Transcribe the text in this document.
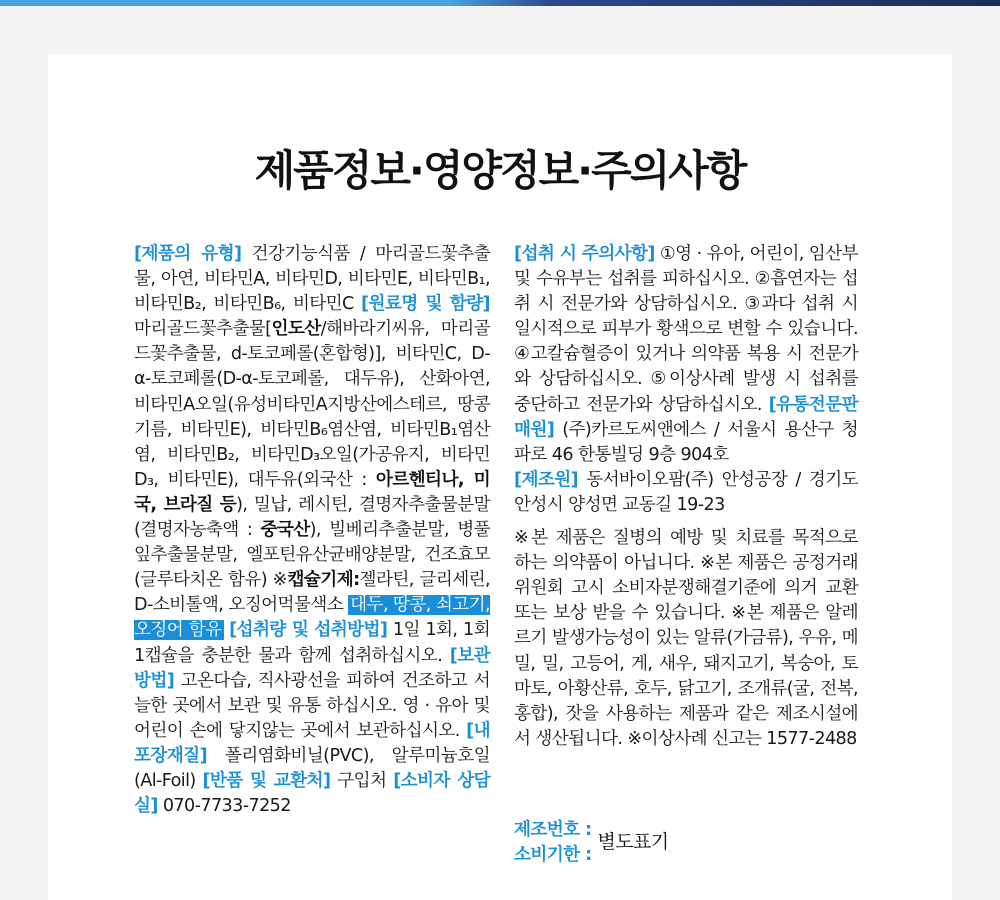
제품정보·영양정보·주의사항
[제품의 유형] 건강기능식품 / 마리골드꽃추출물, 아연, 비타민A, 비타민D, 비타민E, 비타민B₁, 비타민B₂, 비타민B₆, 비타민C [원료명 및 함량] 마리골드꽃추출물[인도산/해바라기씨유, 마리골드꽃추출물, d-토코페롤(혼합형)], 비타민C, D-α-토코페롤(D-α-토코페롤, 대두유), 산화아연, 비타민A오일(유성비타민A지방산에스테르, 땅콩기름, 비타민E), 비타민B₆염산염, 비타민B₁염산염, 비타민B₂, 비타민D₃오일(가공유지, 비타민D₃, 비타민E), 대두유(외국산 : 아르헨티나, 미국, 브라질 등), 밀납, 레시틴, 결명자추출물분말(결명자농축액 : 중국산), 빌베리추출분말, 병풀잎추출물분말, 엘포틴유산균배양분말, 건조효모(글루타치온 함유) ※캡슐기제:젤라틴, 글리세린, D-소비톨액, 오징어먹물색소 대두, 땅콩, 쇠고기, 오징어 함유 [섭취량 및 섭취방법] 1일 1회, 1회 1캡슐을 충분한 물과 함께 섭취하십시오. [보관방법] 고온다습, 직사광선을 피하여 건조하고 서늘한 곳에서 보관 및 유통 하십시오. 영 · 유아 및 어린이 손에 닿지않는 곳에서 보관하십시오. [내포장재질] 폴리염화비닐(PVC), 알루미늄호일(Al-Foil) [반품 및 교환처] 구입처 [소비자 상담실] 070-7733-7252
[섭취 시 주의사항] ①영 · 유아, 어린이, 임산부 및 수유부는 섭취를 피하십시오. ②흡연자는 섭취 시 전문가와 상담하십시오. ③과다 섭취 시 일시적으로 피부가 황색으로 변할 수 있습니다. ④고칼슘혈증이 있거나 의약품 복용 시 전문가와 상담하십시오. ⑤이상사례 발생 시 섭취를 중단하고 전문가와 상담하십시오. [유통전문판매원] (주)카르도씨앤에스 / 서울시 용산구 청파로 46 한통빌딩 9층 904호
[제조원] 동서바이오팜(주) 안성공장 / 경기도 안성시 양성면 교동길 19-23
※본 제품은 질병의 예방 및 치료를 목적으로 하는 의약품이 아닙니다. ※본 제품은 공정거래위원회 고시 소비자분쟁해결기준에 의거 교환 또는 보상 받을 수 있습니다. ※본 제품은 알레르기 발생가능성이 있는 알류(가금류), 우유, 메밀, 밀, 고등어, 게, 새우, 돼지고기, 복숭아, 토마토, 아황산류, 호두, 닭고기, 조개류(굴, 전복, 홍합), 잣을 사용하는 제품과 같은 제조시설에서 생산됩니다. ※이상사례 신고는 1577-2488
제조번호 :
소비기한 :
별도표기
